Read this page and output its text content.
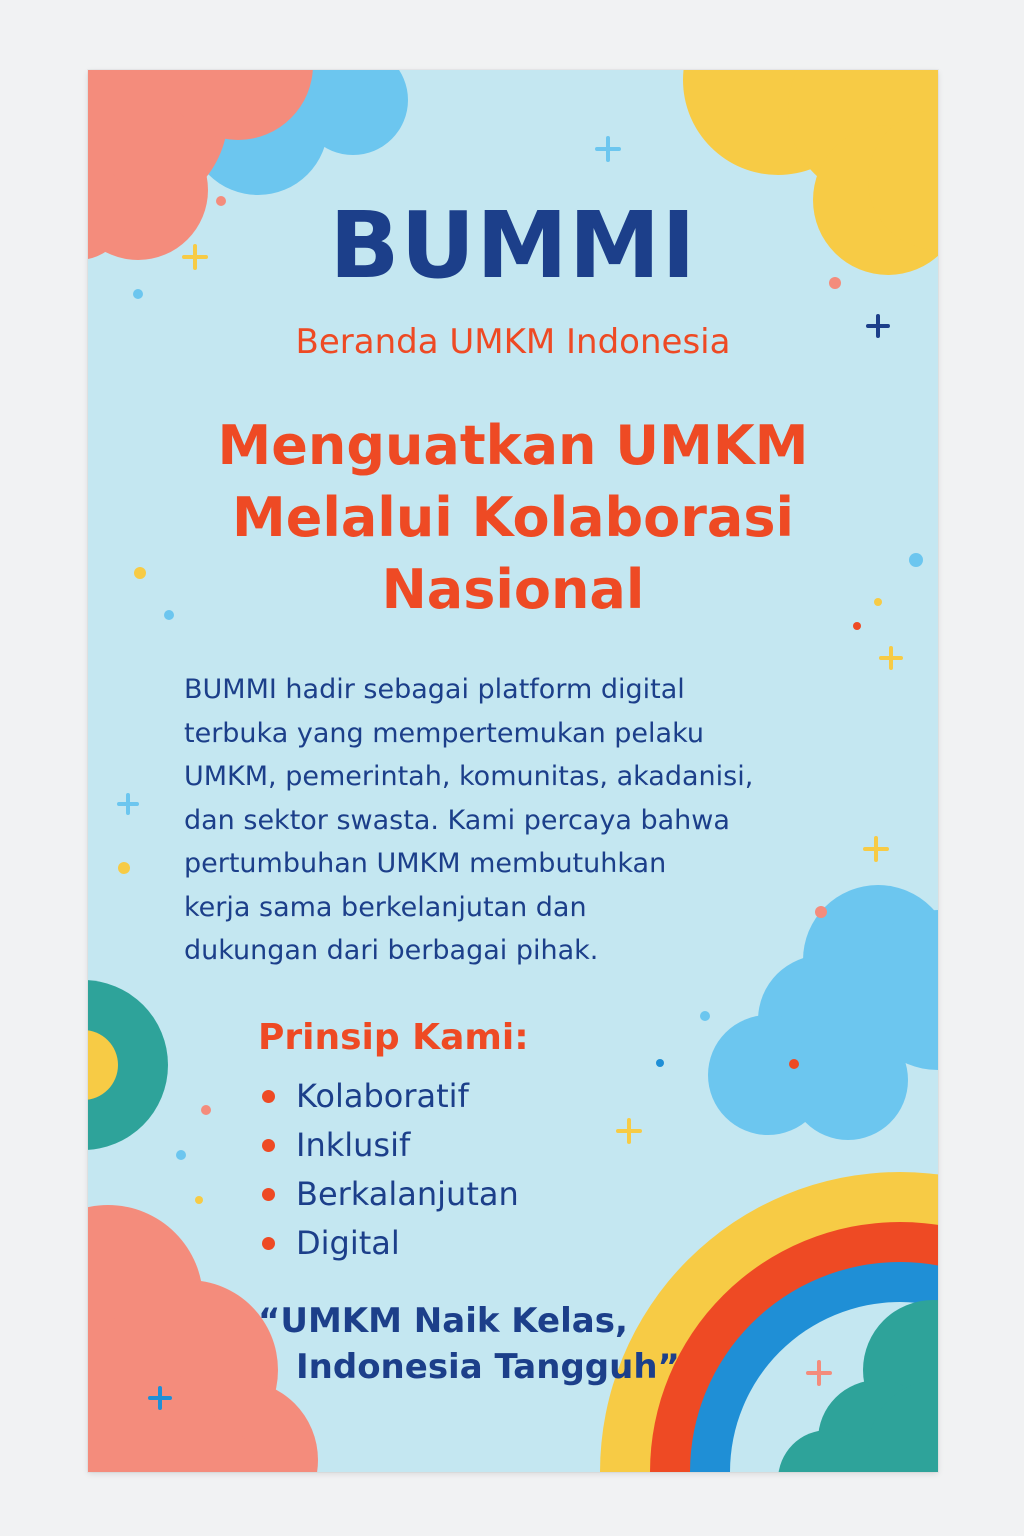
BUMMI

Beranda UMKM Indonesia

Menguatkan UMKM
Melalui Kolaborasi
Nasional

BUMMI hadir sebagai platform digital
terbuka yang mempertemukan pelaku
UMKM, pemerintah, komunitas, akadanisi,
dan sektor swasta. Kami percaya bahwa
pertumbuhan UMKM membutuhkan
kerja sama berkelanjutan dan
dukungan dari berbagai pihak.

Prinsip Kami:
Kolaboratif
Inklusif
Berkalanjutan
Digital

“UMKM Naik Kelas,
Indonesia Tangguh”
